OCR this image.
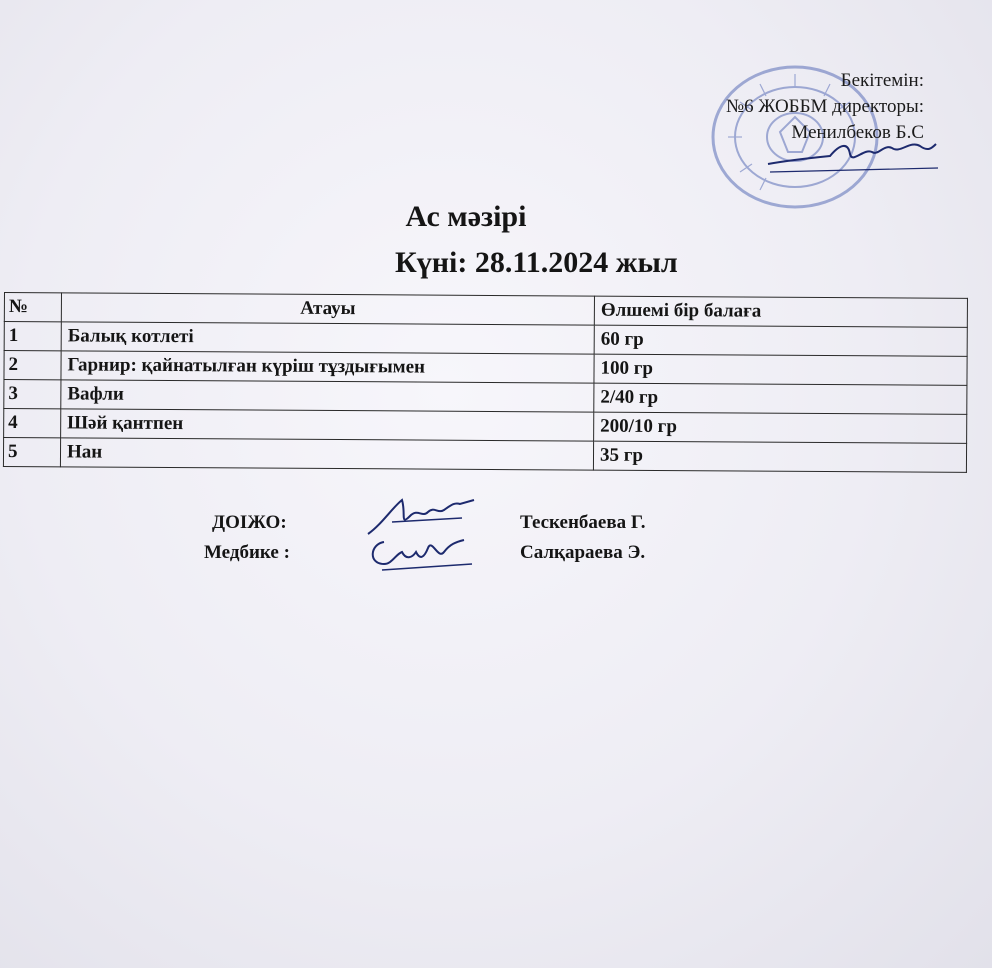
Бекітемін:
№6 ЖОББМ директоры:
Менилбеков Б.С
Ас мәзірі
Күні: 28.11.2024 жыл
№	Атауы	Өлшемі бір балаға
1	Балық котлеті	60 гр
2	Гарнир: қайнатылған күріш тұздығымен	100 гр
3	Вафли	2/40 гр
4	Шәй қантпен	200/10 гр
5	Нан	35 гр
ДОІЖО:	Тескенбаева Г.
Медбике :	Салқараева Э.
